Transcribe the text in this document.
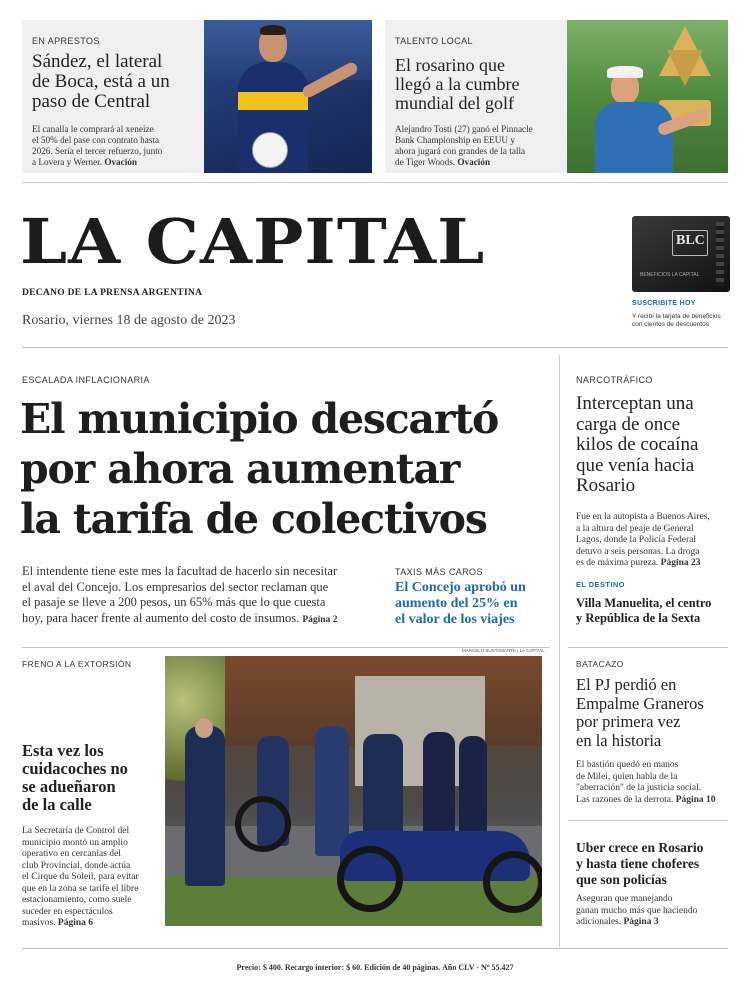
EN APRESTOS
Sández, el lateral
de Boca, está a un
paso de Central
El canalla le comprará al xeneize
el 50% del pase con contrato hasta
2026. Sería el tercer refuerzo, junto
a Lovera y Werner. Ovación
TALENTO LOCAL
El rosarino que
llegó a la cumbre
mundial del golf
Alejandro Tosti (27) ganó el Pinnacle
Bank Championship en EEUU y
ahora jugará con grandes de la talla
de Tiger Woods. Ovación
LA CAPITAL
DECANO DE LA PRENSA ARGENTINA
Rosario, viernes 18 de agosto de 2023
BLC
BENEFICIOS LA CAPITAL
SUSCRIBITE HOY
Y recibí la tarjeta de beneficios
con cientos de descuentos
ESCALADA INFLACIONARIA
El municipio descartó
por ahora aumentar
la tarifa de colectivos
El intendente tiene este mes la facultad de hacerlo sin necesitar
el aval del Concejo. Los empresarios del sector reclaman que
el pasaje se lleve a 200 pesos, un 65% más que lo que cuesta
hoy, para hacer frente al aumento del costo de insumos. Página 2
TAXIS MÁS CAROS
El Concejo aprobó un
aumento del 25% en
el valor de los viajes
NARCOTRÁFICO
Interceptan una
carga de once
kilos de cocaína
que venía hacia
Rosario
Fue en la autopista a Buenos Aires,
a la altura del peaje de General
Lagos, donde la Policía Federal
detuvo a seis personas. La droga
es de máxima pureza. Página 23
EL DESTINO
Villa Manuelita, el centro
y República de la Sexta
FRENO A LA EXTORSIÓN
Esta vez los
cuidacoches no
se adueñaron
de la calle
La Secretaría de Control del
municipio montó un amplio
operativo en cercanías del
club Provincial, donde actúa
el Cirque du Soleil, para evitar
que en la zona se tarife el libre
estacionamiento, como suele
suceder en espectáculos
masivos. Página 6
MARCELO BUSTAMANTE / LA CAPITAL
BATACAZO
El PJ perdió en
Empalme Graneros
por primera vez
en la historia
El bastión quedó en manos
de Milei, quien habla de la
"aberración" de la justicia social.
Las razones de la derrota. Página 10
Uber crece en Rosario
y hasta tiene choferes
que son policías
Aseguran que manejando
ganan mucho más que haciendo
adicionales. Página 3
Precio: $ 400. Recargo interior: $ 60. Edición de 40 páginas. Año CLV - Nº 55.427
